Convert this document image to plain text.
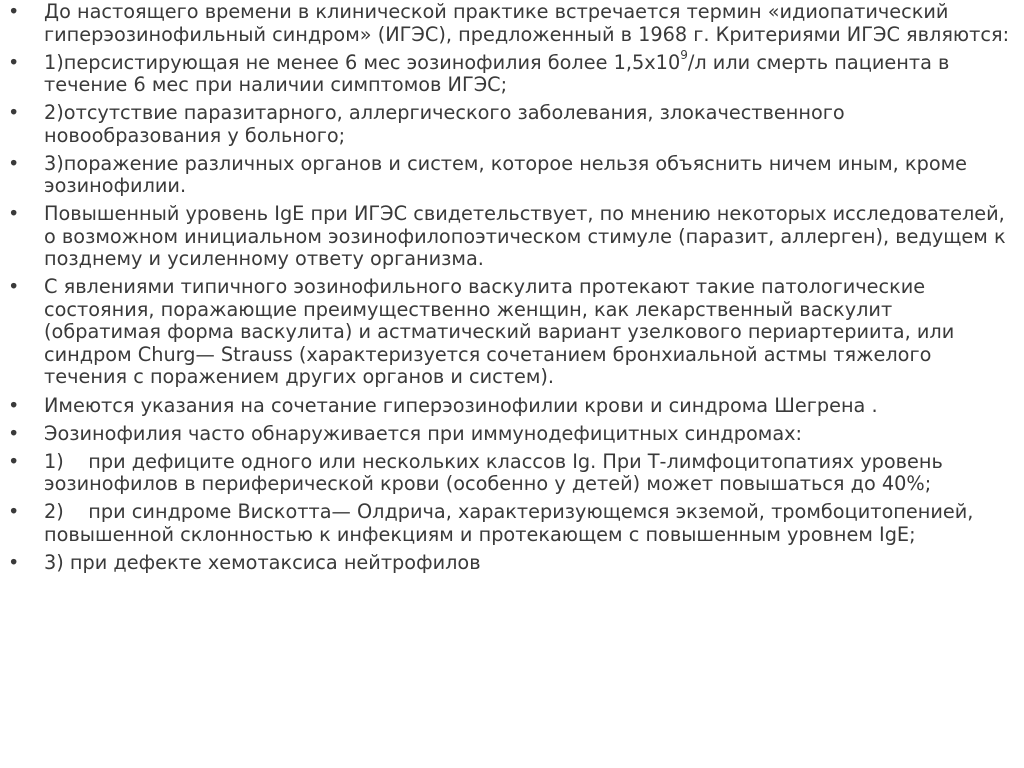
•	До настоящего времени в клинической практике встречается термин «идиопатический гиперэозинофильный синдром» (ИГЭС), предложенный в 1968 г. Критериями ИГЭС являются:
•	1)персистирующая не менее 6 мес эозинофилия более $1,5х10^9/л$ или смерть пациента в течение 6 мес при наличии симптомов ИГЭС;
•	2)отсутствие паразитарного, аллергического заболевания, злокачественного новообразования у больного;
•	3)поражение различных органов и систем, которое нельзя объяснить ничем иным, кроме эозинофилии.
•	Повышенный уровень IgE при ИГЭС свидетельствует, по мнению некоторых исследователей, о возможном инициальном эозинофилопоэтическом стимуле (паразит, аллерген), ведущем к позднему и усиленному ответу организма.
•	С явлениями типичного эозинофильного васкулита протекают такие патологические состояния, поражающие преимущественно женщин, как лекарственный васкулит (обратимая форма васкулита) и астматический вариант узелкового периартериита, или синдром Churg— Strauss (характеризуется сочетанием бронхиальной астмы тяжелого течения с поражением других органов и систем).
•	Имеются указания на сочетание гиперэозинофилии крови и синдрома Шегрена .
•	Эозинофилия часто обнаруживается при иммунодефицитных синдромах:
•	1)    при дефиците одного или нескольких классов Ig. При Т-лимфоцитопатиях уровень эозинофилов в периферической крови (особенно у детей) может повышаться до 40%;
•	2)    при синдроме Вискотта— Олдрича, характеризующемся экземой, тромбоцитопенией, повышенной склонностью к инфекциям и протекающем с повышенным уровнем IgE;
•	3) при дефекте хемотаксиса нейтрофилов
